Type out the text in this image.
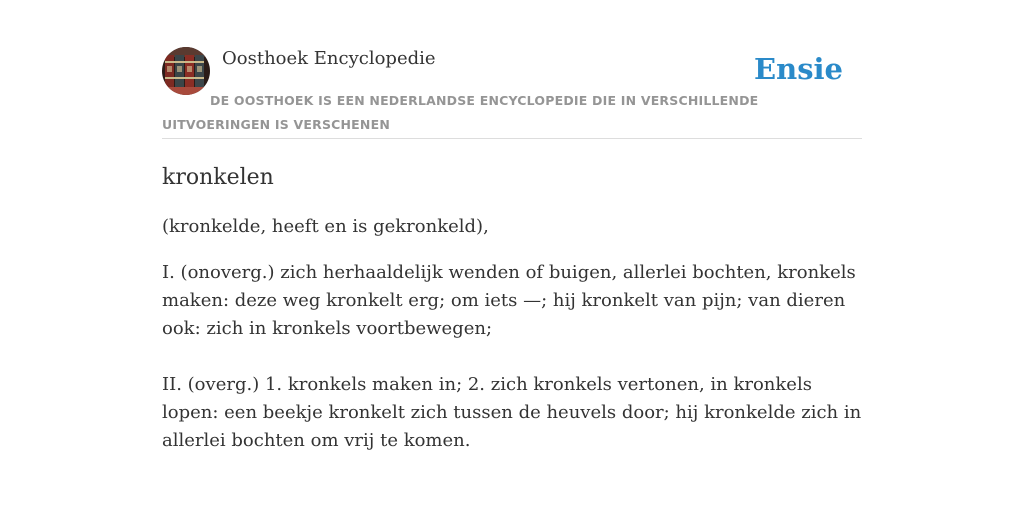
Oosthoek Encyclopedie	Ensie
DE OOSTHOEK IS EEN NEDERLANDSE ENCYCLOPEDIE DIE IN VERSCHILLENDE UITVOERINGEN IS VERSCHENEN
kronkelen
(kronkelde, heeft en is gekronkeld),
I. (onoverg.) zich herhaaldelijk wenden of buigen, allerlei bochten, kronkels maken: deze weg kronkelt erg; om iets —; hij kronkelt van pijn; van dieren ook: zich in kronkels voortbewegen;
II. (overg.) 1. kronkels maken in; 2. zich kronkels vertonen, in kronkels lopen: een beekje kronkelt zich tussen de heuvels door; hij kronkelde zich in allerlei bochten om vrij te komen.
